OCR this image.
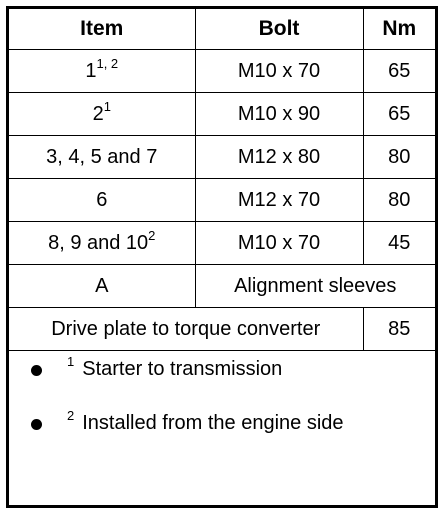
Item	Bolt	Nm
1$^{1, 2}$	M10 x 70	65
$2^1$	M10 x 90	65
3, 4, 5 and 7	M12 x 80	80
6	M12 x 70	80
8, 9 and $10^2$	M10 x 70	45
A	Alignment sleeves	
Drive plate to torque converter		85
$^1$ Starter to transmission
$^2$ Installed from the engine side
